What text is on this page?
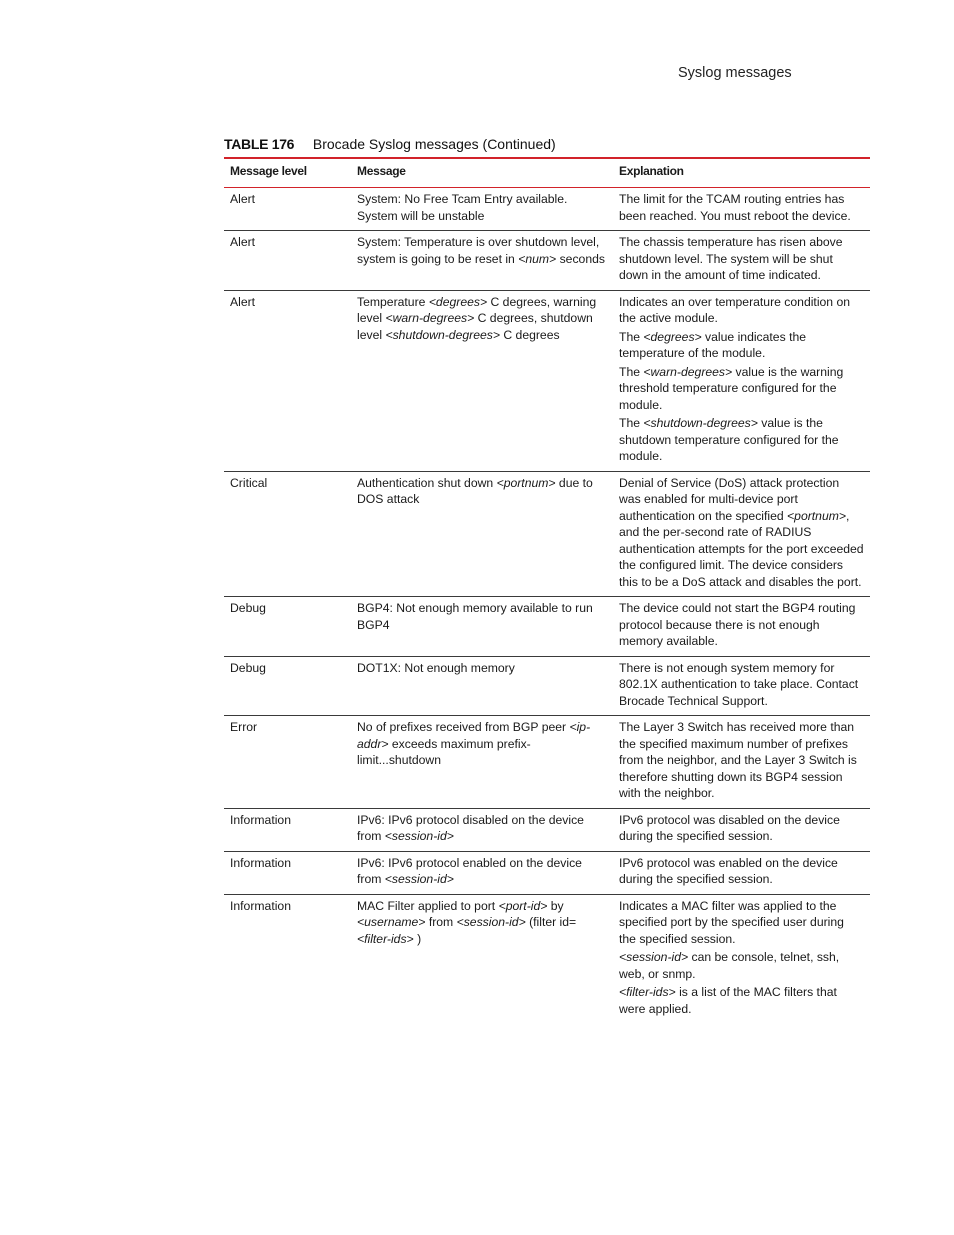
Syslog messages
TABLE 176 Brocade Syslog messages (Continued)
Message level	Message	Explanation
Alert	System: No Free Tcam Entry available. System will be unstable	The limit for the TCAM routing entries has been reached. You must reboot the device.

Alert	System: Temperature is over shutdown level, system is going to be reset in <num> seconds	The chassis temperature has risen above shutdown level. The system will be shut down in the amount of time indicated.

Alert	Temperature <degrees> C degrees, warning level <warn-degrees> C degrees, shutdown level <shutdown-degrees> C degrees	Indicates an over temperature condition on the active module.

The <degrees> value indicates the temperature of the module.

The <warn-degrees> value is the warning threshold temperature configured for the module.

The <shutdown-degrees> value is the shutdown temperature configured for the module.

Critical	Authentication shut down <portnum> due to DOS attack	Denial of Service (DoS) attack protection was enabled for multi-device port authentication on the specified <portnum>, and the per-second rate of RADIUS authentication attempts for the port exceeded the configured limit. The device considers this to be a DoS attack and disables the port.

Debug	BGP4: Not enough memory available to run BGP4	The device could not start the BGP4 routing protocol because there is not enough memory available.

Debug	DOT1X: Not enough memory	There is not enough system memory for 802.1X authentication to take place. Contact Brocade Technical Support.

Error	No of prefixes received from BGP peer <ip-addr> exceeds maximum prefix-limit...shutdown	The Layer 3 Switch has received more than the specified maximum number of prefixes from the neighbor, and the Layer 3 Switch is therefore shutting down its BGP4 session with the neighbor.

Information	IPv6: IPv6 protocol disabled on the device from <session-id>	IPv6 protocol was disabled on the device during the specified session.

Information	IPv6: IPv6 protocol enabled on the device from <session-id>	IPv6 protocol was enabled on the device during the specified session.

Information	MAC Filter applied to port <port-id> by <username> from <session-id> (filter id=<filter-ids> )	Indicates a MAC filter was applied to the specified port by the specified user during the specified session.

<session-id> can be console, telnet, ssh, web, or snmp.

<filter-ids> is a list of the MAC filters that were applied.
